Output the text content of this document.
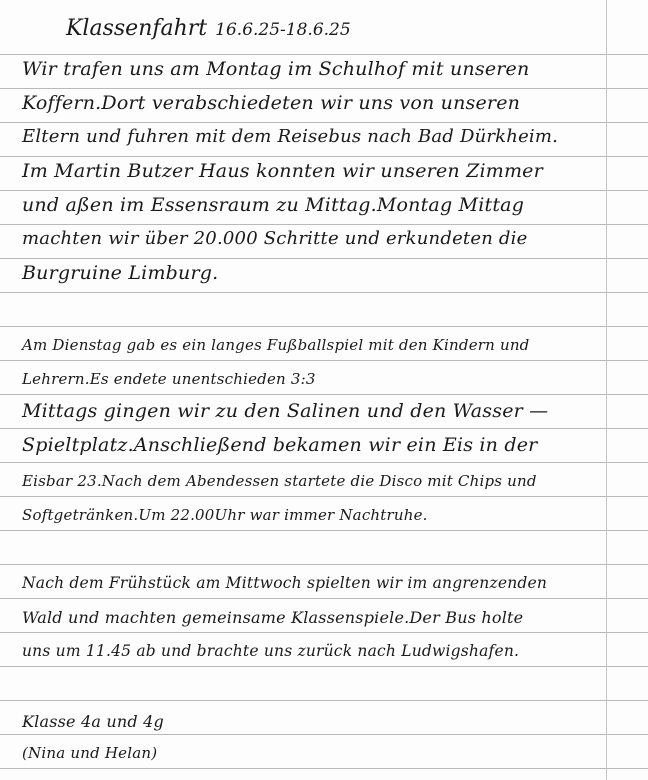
Klassenfahrt 16.6.25-18.6.25
Wir trafen uns am Montag im Schulhof mit unseren
Koffern.Dort verabschiedeten wir uns von unseren
Eltern und fuhren mit dem Reisebus nach Bad Dürkheim.
Im Martin Butzer Haus konnten wir unseren Zimmer
und aßen im Essensraum zu Mittag.Montag Mittag
machten wir über 20.000 Schritte und erkundeten die
Burgruine Limburg.
Am Dienstag gab es ein langes Fußballspiel mit den Kindern und
Lehrern.Es endete unentschieden 3:3
Mittags gingen wir zu den Salinen und den Wasser —
Spieltplatz.Anschließend bekamen wir ein Eis in der
Eisbar 23.Nach dem Abendessen startete die Disco mit Chips und
Softgetränken.Um 22.00Uhr war immer Nachtruhe.
Nach dem Frühstück am Mittwoch spielten wir im angrenzenden
Wald und machten gemeinsame Klassenspiele.Der Bus holte
uns um 11.45 ab und brachte uns zurück nach Ludwigshafen.
Klasse 4a und 4g
(Nina und Helan)
